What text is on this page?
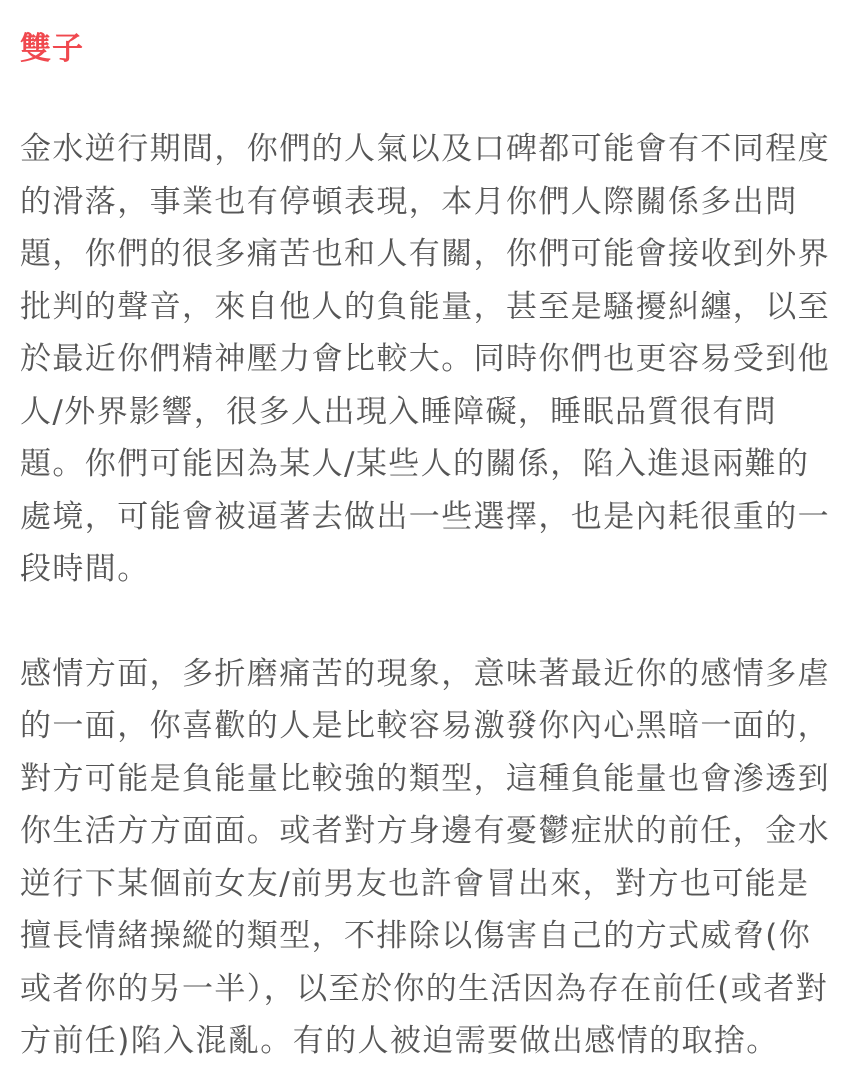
雙子

金水逆行期間，你們的人氣以及口碑都可能會有不同程度的滑落，事業也有停頓表現，本月你們人際關係多出問題，你們的很多痛苦也和人有關，你們可能會接收到外界批判的聲音，來自他人的負能量，甚至是騷擾糾纏，以至於最近你們精神壓力會比較大。同時你們也更容易受到他人/外界影響，很多人出現入睡障礙，睡眠品質很有問題。你們可能因為某人/某些人的關係，陷入進退兩難的處境，可能會被逼著去做出一些選擇，也是內耗很重的一段時間。

感情方面，多折磨痛苦的現象，意味著最近你的感情多虐的一面，你喜歡的人是比較容易激發你內心黑暗一面的，對方可能是負能量比較強的類型，這種負能量也會滲透到你生活方方面面。或者對方身邊有憂鬱症狀的前任，金水逆行下某個前女友/前男友也許會冒出來，對方也可能是擅長情緒操縱的類型，不排除以傷害自己的方式威脅(你或者你的另一半），以至於你的生活因為存在前任(或者對方前任)陷入混亂。有的人被迫需要做出感情的取捨。
